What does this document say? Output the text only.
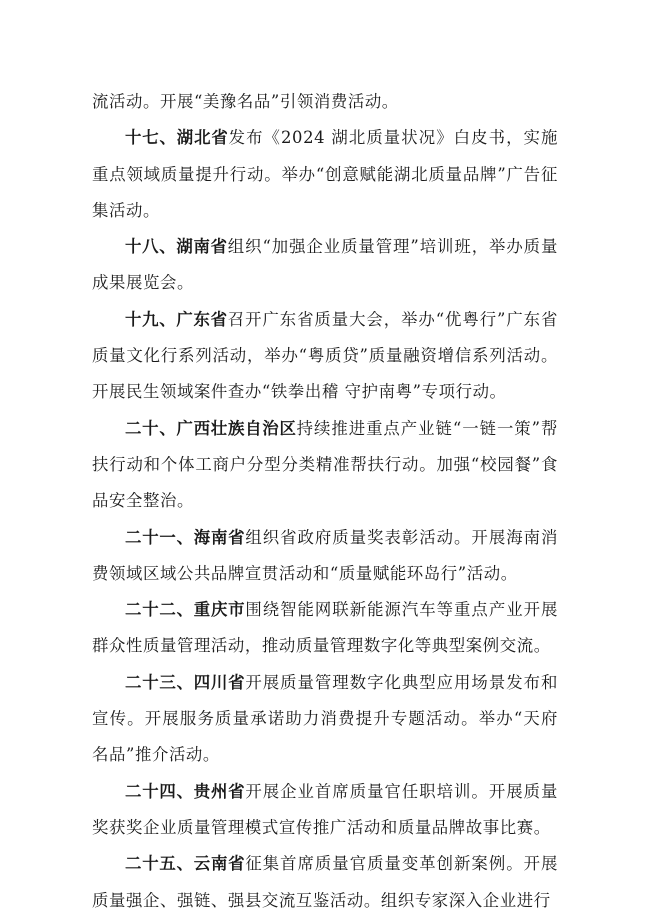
流活动。开展“美豫名品”引领消费活动。

十七、湖北省发布《2024 湖北质量状况》白皮书，实施重点领域质量提升行动。举办“创意赋能湖北质量品牌”广告征集活动。

十八、湖南省组织“加强企业质量管理”培训班，举办质量成果展览会。

十九、广东省召开广东省质量大会，举办“优粤行”广东省质量文化行系列活动，举办“粤质贷”质量融资增信系列活动。开展民生领域案件查办“铁拳出稽 守护南粤”专项行动。

二十、广西壮族自治区持续推进重点产业链“一链一策”帮扶行动和个体工商户分型分类精准帮扶行动。加强“校园餐”食品安全整治。

二十一、海南省组织省政府质量奖表彰活动。开展海南消费领域区域公共品牌宣贯活动和“质量赋能环岛行”活动。

二十二、重庆市围绕智能网联新能源汽车等重点产业开展群众性质量管理活动，推动质量管理数字化等典型案例交流。

二十三、四川省开展质量管理数字化典型应用场景发布和宣传。开展服务质量承诺助力消费提升专题活动。举办“天府名品”推介活动。

二十四、贵州省开展企业首席质量官任职培训。开展质量奖获奖企业质量管理模式宣传推广活动和质量品牌故事比赛。

二十五、云南省征集首席质量官质量变革创新案例。开展质量强企、强链、强县交流互鉴活动。组织专家深入企业进行
